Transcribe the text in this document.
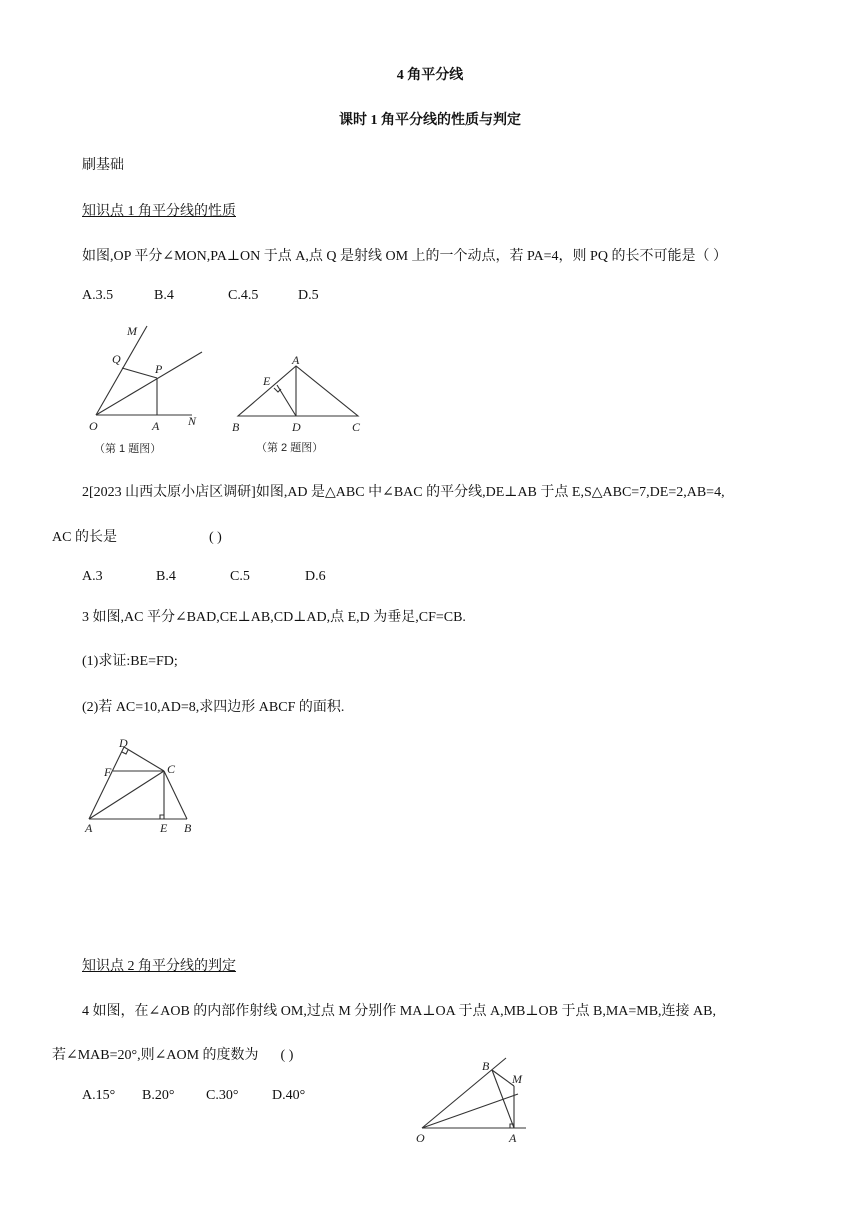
4 角平分线
课时 1 角平分线的性质与判定
刷基础
知识点 1 角平分线的性质
如图,OP 平分∠MON,PA⊥ON 于点 A,点 Q 是射线 OM 上的一个动点，若 PA=4，则 PQ 的长不可能是（ ）
A.3.5	B.4	C.4.5	D.5
M
Q
P
O	A N
（第 1 题图）
A
E
B	D	C
（第 2 题图）
2[2023 山西太原小店区调研]如图,AD 是△ABC 中∠BAC 的平分线,DE⊥AB 于点 E,S△ABC=7,DE=2,AB=4,
AC 的长是	( )
A.3	B.4	C.5	D.6
3 如图,AC 平分∠BAD,CE⊥AB,CD⊥AD,点 E,D 为垂足,CF=CB.
(1)求证:BE=FD;
(2)若 AC=10,AD=8,求四边形 ABCF 的面积.
D
F	C
A	E B
知识点 2 角平分线的判定
4 如图，在∠AOB 的内部作射线 OM,过点 M 分别作 MA⊥OA 于点 A,MB⊥OB 于点 B,MA=MB,连接 AB,
若∠MAB=20°,则∠AOM 的度数为 ( )
A.15° B.20° C.30° D.40°
B
M
O	A
